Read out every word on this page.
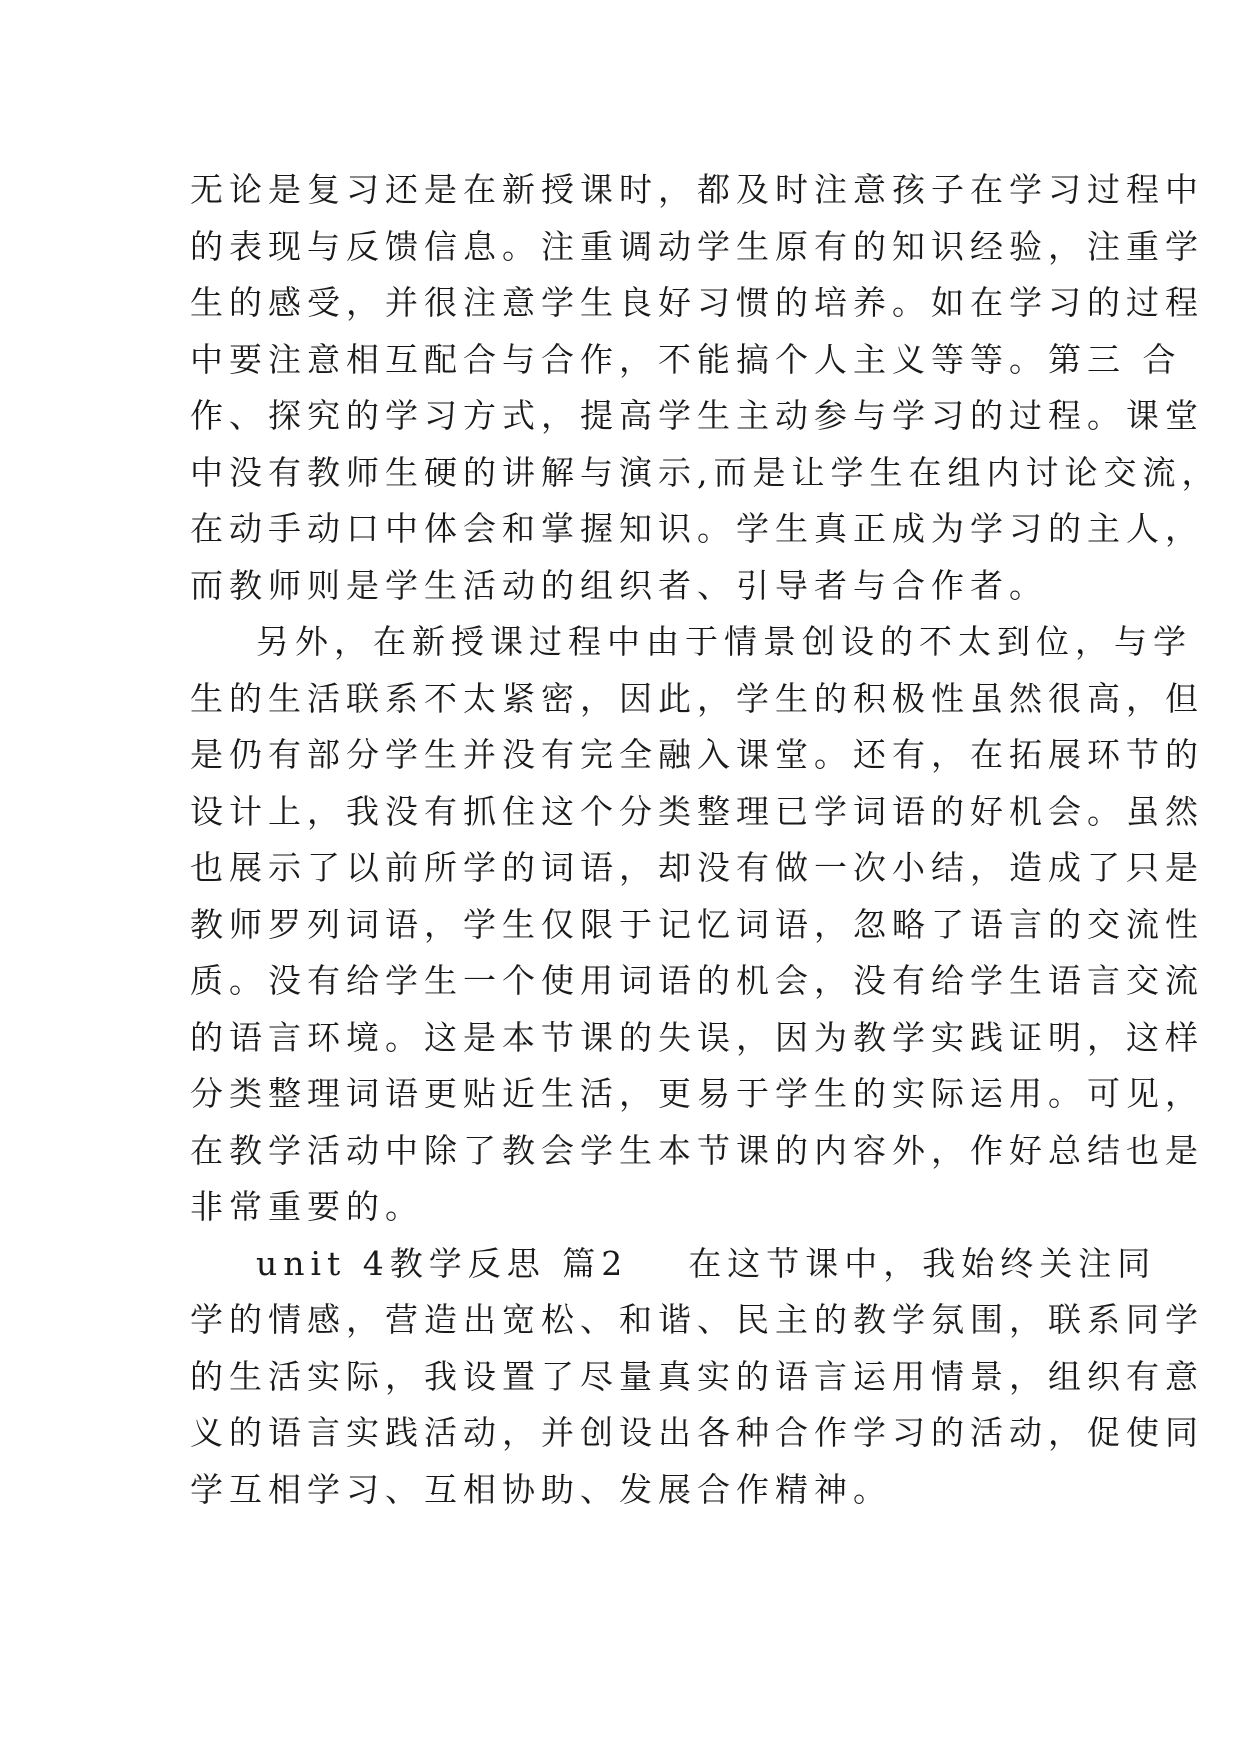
无论是复习还是在新授课时，都及时注意孩子在学习过程中
的表现与反馈信息。注重调动学生原有的知识经验，注重学
生的感受，并很注意学生良好习惯的培养。如在学习的过程
中要注意相互配合与合作，不能搞个人主义等等。第三 合
作、探究的学习方式，提高学生主动参与学习的过程。课堂
中没有教师生硬的讲解与演示,而是让学生在组内讨论交流，
在动手动口中体会和掌握知识。学生真正成为学习的主人，
而教师则是学生活动的组织者、引导者与合作者。
另外，在新授课过程中由于情景创设的不太到位，与学
生的生活联系不太紧密，因此，学生的积极性虽然很高，但
是仍有部分学生并没有完全融入课堂。还有，在拓展环节的
设计上，我没有抓住这个分类整理已学词语的好机会。虽然
也展示了以前所学的词语，却没有做一次小结，造成了只是
教师罗列词语，学生仅限于记忆词语，忽略了语言的交流性
质。没有给学生一个使用词语的机会，没有给学生语言交流
的语言环境。这是本节课的失误，因为教学实践证明，这样
分类整理词语更贴近生活，更易于学生的实际运用。可见，
在教学活动中除了教会学生本节课的内容外，作好总结也是
非常重要的。
unit 4教学反思 篇2 在这节课中，我始终关注同
学的情感，营造出宽松、和谐、民主的教学氛围，联系同学
的生活实际，我设置了尽量真实的语言运用情景，组织有意
义的语言实践活动，并创设出各种合作学习的活动，促使同
学互相学习、互相协助、发展合作精神。
